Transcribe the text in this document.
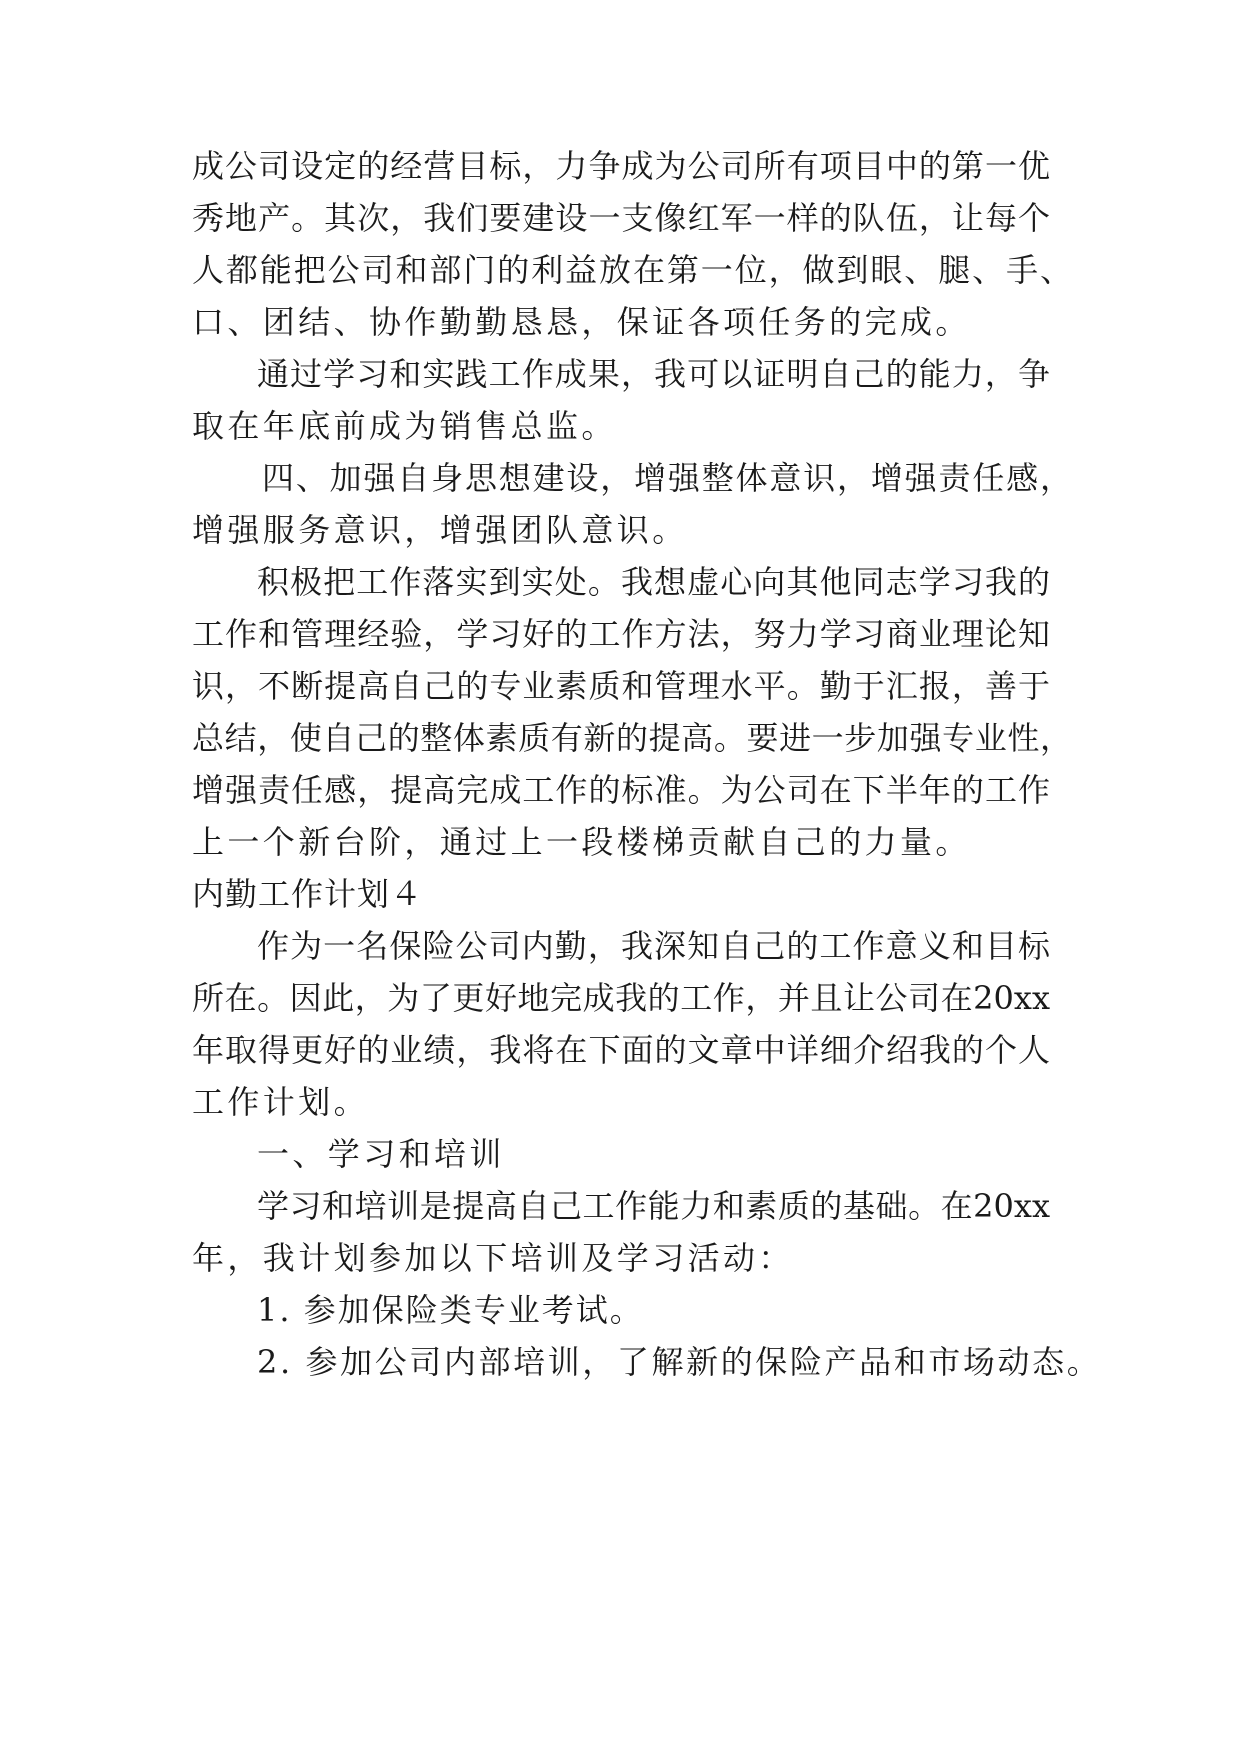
成公司设定的经营目标，力争成为公司所有项目中的第一优

秀地产。其次，我们要建设一支像红军一样的队伍，让每个

人都能把公司和部门的利益放在第一位，做到眼、腿、手、

口、团结、协作勤勤恳恳，保证各项任务的完成。

通过学习和实践工作成果，我可以证明自己的能力，争

取在年底前成为销售总监。

四、加强自身思想建设，增强整体意识，增强责任感，

增强服务意识，增强团队意识。

积极把工作落实到实处。我想虚心向其他同志学习我的

工作和管理经验，学习好的工作方法，努力学习商业理论知

识，不断提高自己的专业素质和管理水平。勤于汇报，善于

总结，使自己的整体素质有新的提高。要进一步加强专业性，

增强责任感，提高完成工作的标准。为公司在下半年的工作

上一个新台阶，通过上一段楼梯贡献自己的力量。

内勤工作计划４

作为一名保险公司内勤，我深知自己的工作意义和目标

所在。因此，为了更好地完成我的工作，并且让公司在20xx

年取得更好的业绩，我将在下面的文章中详细介绍我的个人

工作计划。

一、学习和培训

学习和培训是提高自己工作能力和素质的基础。在20xx

年，我计划参加以下培训及学习活动：

1. 参加保险类专业考试。

2. 参加公司内部培训，了解新的保险产品和市场动态。
